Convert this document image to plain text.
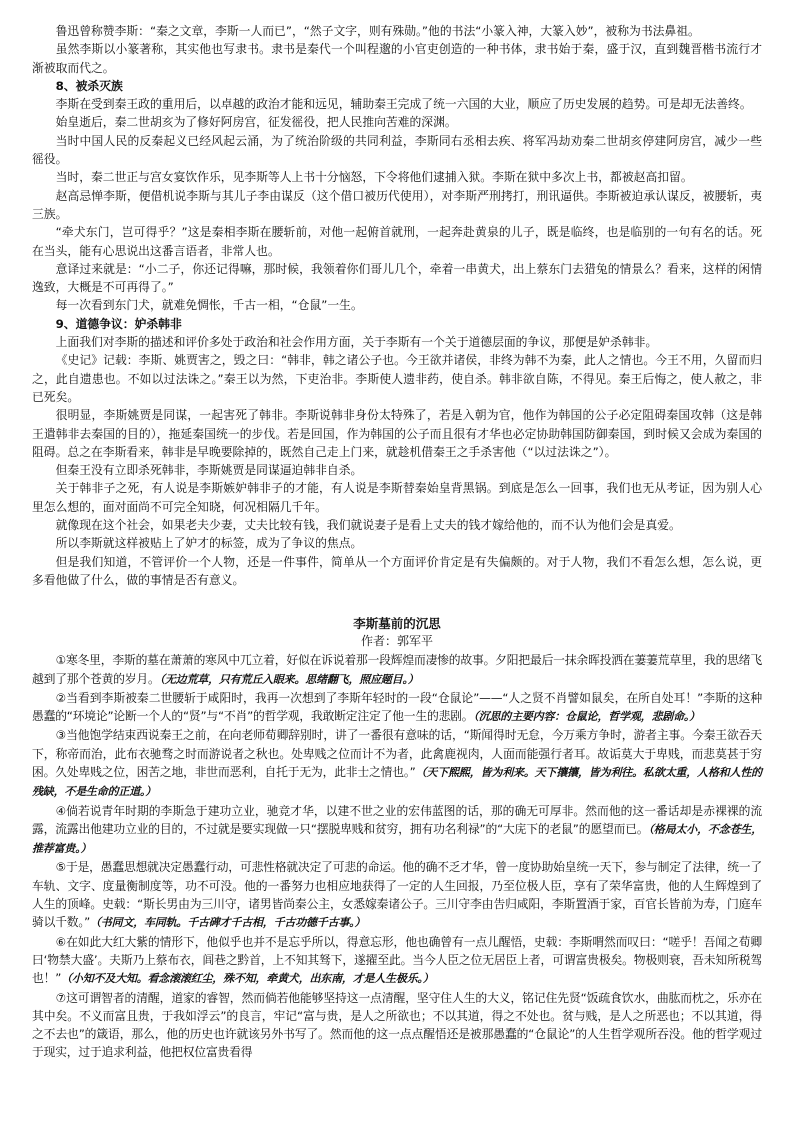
鲁迅曾称赞李斯：“秦之文章，李斯一人而已”，“然子文字，则有殊勋。”他的书法“小篆入神，大篆入妙”，被称为书法鼻祖。

虽然李斯以小篆著称，其实他也写隶书。隶书是秦代一个叫程邈的小官吏创造的一种书体，隶书始于秦，盛于汉，直到魏晋楷书流行才渐被取而代之。

8、被杀灭族

李斯在受到秦王政的重用后，以卓越的政治才能和远见，辅助秦王完成了统一六国的大业，顺应了历史发展的趋势。可是却无法善终。

始皇逝后，秦二世胡亥为了修好阿房宫，征发徭役，把人民推向苦难的深渊。

当时中国人民的反秦起义已经风起云涌，为了统治阶级的共同利益，李斯同右丞相去疾、将军冯劫劝秦二世胡亥停建阿房宫，减少一些徭役。

当时，秦二世正与宫女宴饮作乐，见李斯等人上书十分恼怒，下令将他们逮捕入狱。李斯在狱中多次上书，都被赵高扣留。

赵高忌惮李斯，便借机说李斯与其儿子李由谋反（这个借口被历代使用），对李斯严刑拷打，刑讯逼供。李斯被迫承认谋反，被腰斩，夷三族。

“牵犬东门，岂可得乎？”这是秦相李斯在腰斩前，对他一起俯首就刑，一起奔赴黄泉的儿子，既是临终，也是临别的一句有名的话。死在当头，能有心思说出这番言语者，非常人也。

意译过来就是：“小二子，你还记得嘛，那时候，我领着你们哥儿几个，牵着一串黄犬，出上蔡东门去猎兔的情景么？看来，这样的闲情逸致，大概是不可再得了。”

每一次看到东门犬，就难免惆怅，千古一相，“仓鼠”一生。

9、道德争议：妒杀韩非

上面我们对李斯的描述和评价多处于政治和社会作用方面，关于李斯有一个关于道德层面的争议，那便是妒杀韩非。

《史记》记载：李斯、姚贾害之，毁之曰：“韩非，韩之诸公子也。今王欲并诸侯，非终为韩不为秦，此人之情也。今王不用，久留而归之，此自遗患也。不如以过法诛之。”秦王以为然，下吏治非。李斯使人遗非药，使自杀。韩非欲自陈，不得见。秦王后悔之，使人赦之，非已死矣。

很明显，李斯姚贾是同谋，一起害死了韩非。李斯说韩非身份太特殊了，若是入朝为官，他作为韩国的公子必定阻碍秦国攻韩（这是韩王遣韩非去秦国的目的），拖延秦国统一的步伐。若是回国，作为韩国的公子而且很有才华也必定协助韩国防御秦国，到时候又会成为秦国的阻碍。总之在李斯看来，韩非是早晚要除掉的，既然自己走上门来，就趁机借秦王之手杀害他（“以过法诛之”）。

但秦王没有立即杀死韩非，李斯姚贾是同谋逼迫韩非自杀。

关于韩非子之死，有人说是李斯嫉妒韩非子的才能，有人说是李斯替秦始皇背黑锅。到底是怎么一回事，我们也无从考证，因为别人心里怎么想的，面对面尚不可完全知晓，何况相隔几千年。

就像现在这个社会，如果老夫少妻，丈夫比较有钱，我们就说妻子是看上丈夫的钱才嫁给他的，而不认为他们会是真爱。

所以李斯就这样被贴上了妒才的标签，成为了争议的焦点。

但是我们知道，不管评价一个人物，还是一件事件，简单从一个方面评价肯定是有失偏颇的。对于人物，我们不看怎么想，怎么说，更多看他做了什么，做的事情是否有意义。

李斯墓前的沉思
作者：郭军平

①寒冬里，李斯的墓在萧萧的寒风中兀立着，好似在诉说着那一段辉煌而凄惨的故事。夕阳把最后一抹余晖投洒在萋萋荒草里，我的思绪飞越到了那个苍黄的岁月。（无边荒草，只有荒丘入眼来。思绪翻飞，照应题目。）

②当看到李斯被秦二世腰斩于咸阳时，我再一次想到了李斯年轻时的一段“仓鼠论”——“人之贤不肖譬如鼠矣，在所自处耳！”李斯的这种愚蠢的“环境论”论断一个人的“贤”与“不肖”的哲学观，我敢断定注定了他一生的悲剧。（沉思的主要内容：仓鼠论，哲学观，悲剧命。）

③当他饱学结束西说秦王之前，在向老师荀卿辞别时，讲了一番很有意味的话，“斯闻得时无怠，今万乘方争时，游者主事。今秦王欲吞天下，称帝而治，此布衣驰骛之时而游说者之秋也。处卑贱之位而计不为者，此禽鹿视肉，人面而能强行者耳。故诟莫大于卑贱，而悲莫甚于穷困。久处卑贱之位，困苦之地，非世而恶利，自托于无为，此非士之情也。”（天下熙熙，皆为利来。天下攘攘，皆为利往。私欲太重，人格和人性的残缺，不是生命的正道。）

④倘若说青年时期的李斯急于建功立业，驰竞才华，以建不世之业的宏伟蓝图的话，那的确无可厚非。然而他的这一番话却是赤裸裸的流露，流露出他建功立业的目的，不过就是要实现做一只“摆脱卑贱和贫穷，拥有功名利禄”的“大庑下的老鼠”的愿望而已。（格局太小，不念苍生，推荐富贵。）

⑤于是，愚蠢思想就决定愚蠢行动，可悲性格就决定了可悲的命运。他的确不乏才华，曾一度协助始皇统一天下，参与制定了法律，统一了车轨、文字、度量衡制度等，功不可没。他的一番努力也相应地获得了一定的人生回报，乃至位极人臣，享有了荣华富贵，他的人生辉煌到了人生的顶峰。史载：“斯长男由为三川守，诸男皆尚秦公主，女悉嫁秦诸公子。三川守李由告归咸阳，李斯置酒于家，百官长皆前为寿，门庭车骑以千数。”（书同文，车同轨。千古碑才千古相，千古功德千古事。）

⑥在如此大红大紫的情形下，他似乎也并不是忘乎所以，得意忘形，他也确曾有一点儿醒悟，史载：李斯喟然而叹曰：“嗟乎！吾闻之荀卿曰‘物禁大盛’。夫斯乃上蔡布衣，闾巷之黔首，上不知其驽下，遂擢至此。当今人臣之位无居臣上者，可谓富贵极矣。物极则衰，吾未知所税驾也！”（小知不及大知。看念滚滚红尘，殊不知，牵黄犬，出东南，才是人生极乐。）

⑦这可谓智者的清醒，道家的睿智，然而倘若他能够坚持这一点清醒，坚守住人生的大义，铭记住先贤“饭疏食饮水，曲肱而枕之，乐亦在其中矣。不义而富且贵，于我如浮云”的良言，牢记“富与贵，是人之所欲也；不以其道，得之不处也。贫与贱，是人之所恶也；不以其道，得之不去也”的箴语，那么，他的历史也许就该另外书写了。然而他的这一点点醒悟还是被那愚蠢的“仓鼠论”的人生哲学观所吞没。他的哲学观过于现实，过于追求利益，他把权位富贵看得
